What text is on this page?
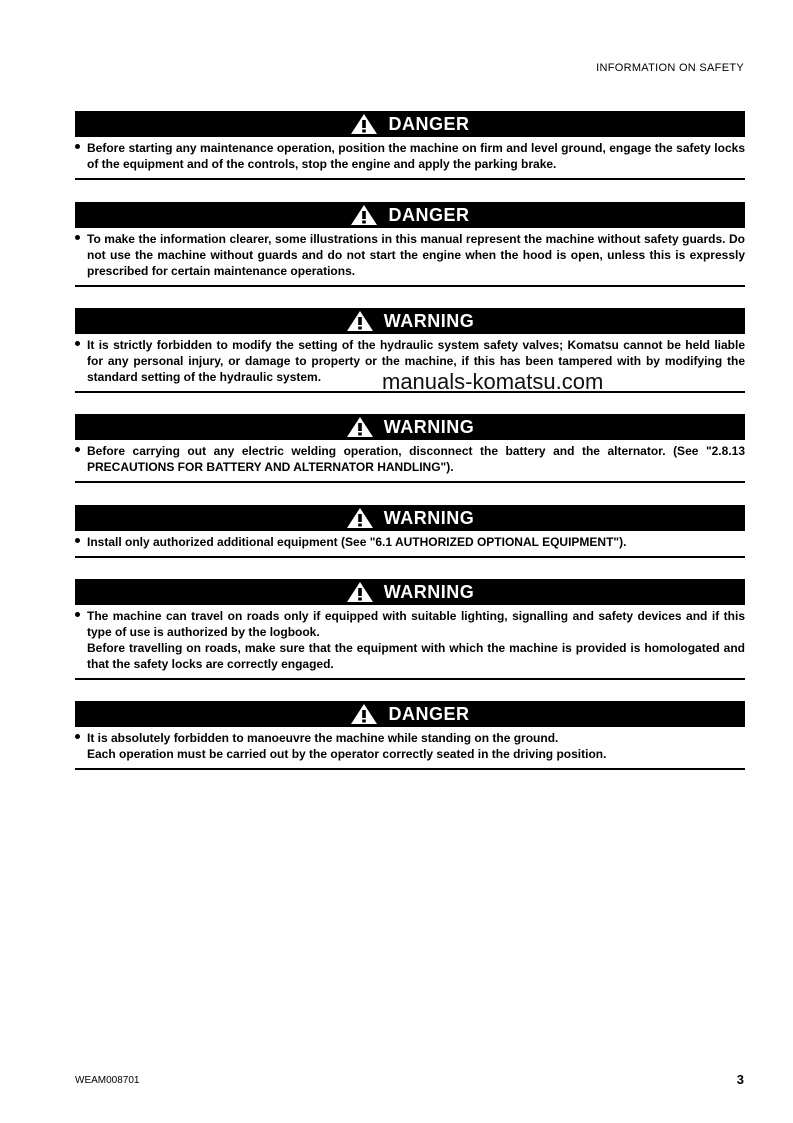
INFORMATION ON SAFETY
DANGER

Before starting any maintenance operation, position the machine on firm and level ground, engage the safety locks of the equipment and of the controls, stop the engine and apply the parking brake.

DANGER

To make the information clearer, some illustrations in this manual represent the machine without safety guards. Do not use the machine without guards and do not start the engine when the hood is open, unless this is expressly prescribed for certain maintenance operations.

WARNING

It is strictly forbidden to modify the setting of the hydraulic system safety valves; Komatsu cannot be held liable for any personal injury, or damage to property or the machine, if this has been tampered with by modifying the standard setting of the hydraulic system.

WARNING

Before carrying out any electric welding operation, disconnect the battery and the alternator. (See "2.8.13 PRECAUTIONS FOR BATTERY AND ALTERNATOR HANDLING").

WARNING

Install only authorized additional equipment (See "6.1 AUTHORIZED OPTIONAL EQUIPMENT").

WARNING

The machine can travel on roads only if equipped with suitable lighting, signalling and safety devices and if this type of use is authorized by the logbook.

Before travelling on roads, make sure that the equipment with which the machine is provided is homologated and that the safety locks are correctly engaged.

DANGER

It is absolutely forbidden to manoeuvre the machine while standing on the ground.

Each operation must be carried out by the operator correctly seated in the driving position.

manuals-komatsu.com
WEAM008701	3
